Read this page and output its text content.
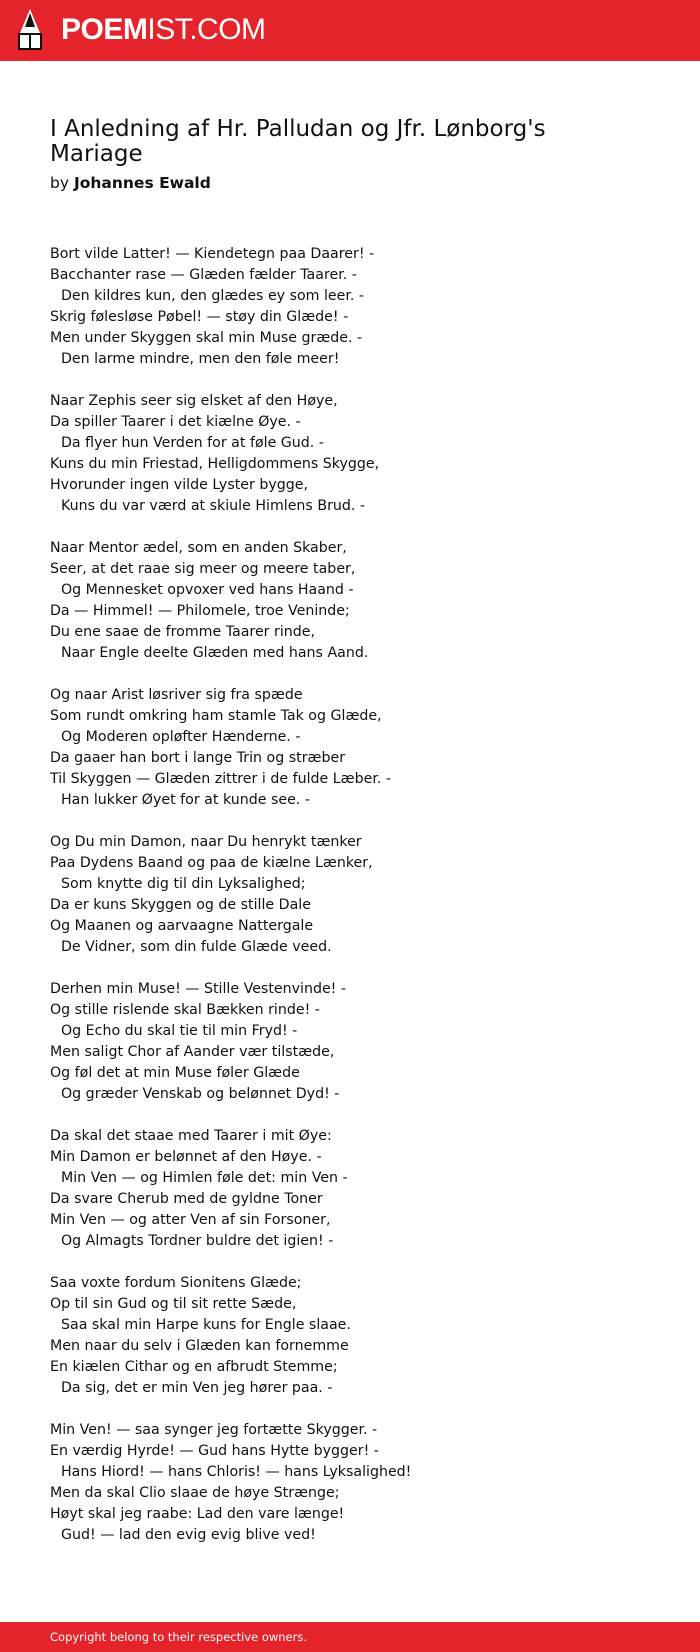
POEMIST.COM
I Anledning af Hr. Palludan og Jfr. Lønborg's Mariage
by Johannes Ewald
Bort vilde Latter! — Kiendetegn paa Daarer! -
Bacchanter rase — Glæden fælder Taarer. -
Den kildres kun, den glædes ey som leer. -
Skrig følesløse Pøbel! — støy din Glæde! -
Men under Skyggen skal min Muse græde. -
Den larme mindre, men den føle meer!
Naar Zephis seer sig elsket af den Høye,
Da spiller Taarer i det kiælne Øye. -
Da flyer hun Verden for at føle Gud. -
Kuns du min Friestad, Helligdommens Skygge,
Hvorunder ingen vilde Lyster bygge,
Kuns du var værd at skiule Himlens Brud. -
Naar Mentor ædel, som en anden Skaber,
Seer, at det raae sig meer og meere taber,
Og Mennesket opvoxer ved hans Haand -
Da — Himmel! — Philomele, troe Veninde;
Du ene saae de fromme Taarer rinde,
Naar Engle deelte Glæden med hans Aand.
Og naar Arist løsriver sig fra spæde
Som rundt omkring ham stamle Tak og Glæde,
Og Moderen opløfter Hænderne. -
Da gaaer han bort i lange Trin og stræber
Til Skyggen — Glæden zittrer i de fulde Læber. -
Han lukker Øyet for at kunde see. -
Og Du min Damon, naar Du henrykt tænker
Paa Dydens Baand og paa de kiælne Lænker,
Som knytte dig til din Lyksalighed;
Da er kuns Skyggen og de stille Dale
Og Maanen og aarvaagne Nattergale
De Vidner, som din fulde Glæde veed.
Derhen min Muse! — Stille Vestenvinde! -
Og stille rislende skal Bækken rinde! -
Og Echo du skal tie til min Fryd! -
Men saligt Chor af Aander vær tilstæde,
Og føl det at min Muse føler Glæde
Og græder Venskab og belønnet Dyd! -
Da skal det staae med Taarer i mit Øye:
Min Damon er belønnet af den Høye. -
Min Ven — og Himlen føle det: min Ven -
Da svare Cherub med de gyldne Toner
Min Ven — og atter Ven af sin Forsoner,
Og Almagts Tordner buldre det igien! -
Saa voxte fordum Sionitens Glæde;
Op til sin Gud og til sit rette Sæde,
Saa skal min Harpe kuns for Engle slaae.
Men naar du selv i Glæden kan fornemme
En kiælen Cithar og en afbrudt Stemme;
Da sig, det er min Ven jeg hører paa. -
Min Ven! — saa synger jeg fortætte Skygger. -
En værdig Hyrde! — Gud hans Hytte bygger! -
Hans Hiord! — hans Chloris! — hans Lyksalighed!
Men da skal Clio slaae de høye Strænge;
Høyt skal jeg raabe: Lad den vare længe!
Gud! — lad den evig evig blive ved!
Copyright belong to their respective owners.
